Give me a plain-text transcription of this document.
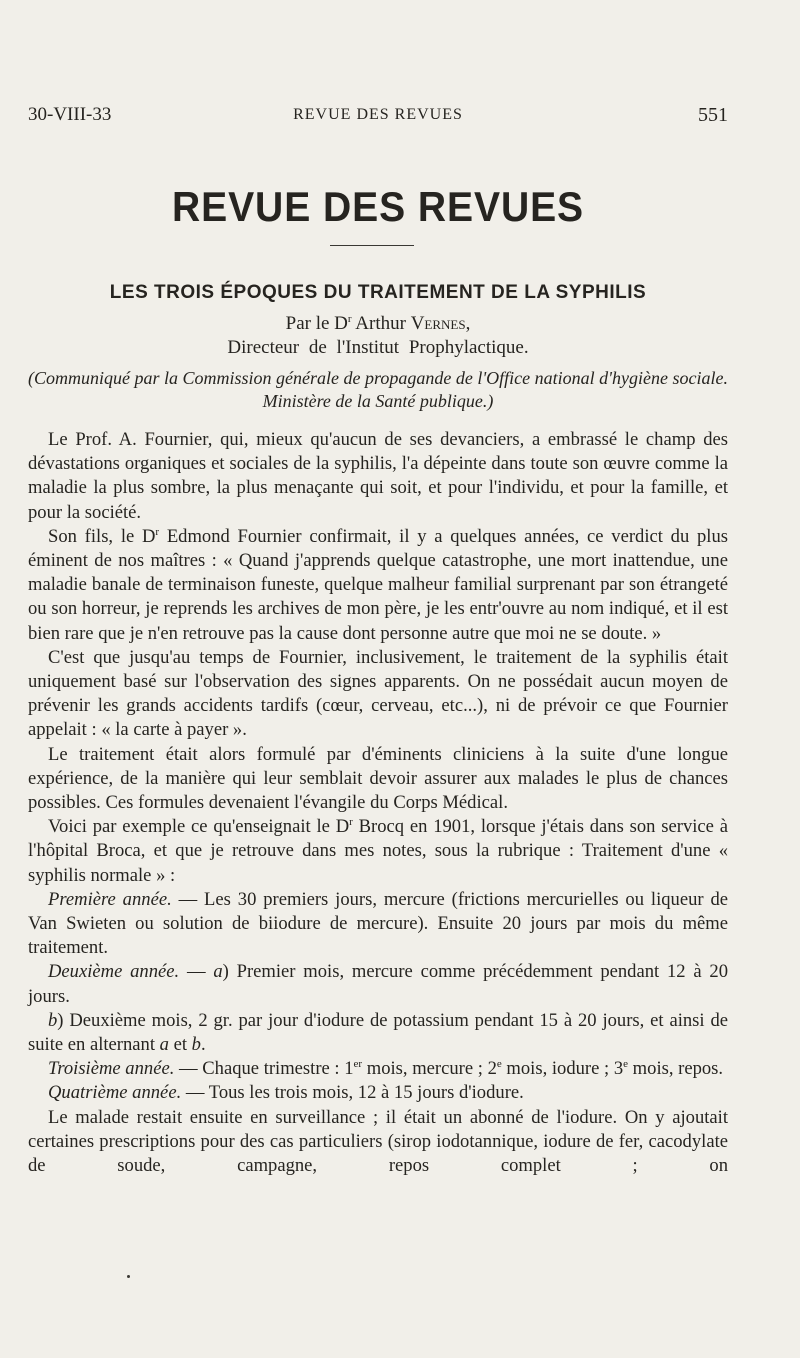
30-VIII-33	REVUE DES REVUES	551
REVUE DES REVUES
LES TROIS ÉPOQUES DU TRAITEMENT DE LA SYPHILIS
Par le $D^r$ Arthur Vernes,
Directeur de l'Institut Prophylactique.
(Communiqué par la Commission générale de propagande de l'Office national d'hygiène sociale. Ministère de la Santé publique.)

Le Prof. A. Fournier, qui, mieux qu'aucun de ses devanciers, a embrassé le champ des dévastations organiques et sociales de la syphilis, l'a dépeinte dans toute son œuvre comme la maladie la plus sombre, la plus menaçante qui soit, et pour l'individu, et pour la famille, et pour la société.

Son fils, le $D^r$ Edmond Fournier confirmait, il y a quelques années, ce verdict du plus éminent de nos maîtres : « Quand j'apprends quelque catastrophe, une mort inattendue, une maladie banale de terminaison funeste, quelque malheur familial surprenant par son étrangeté ou son horreur, je reprends les archives de mon père, je les entr'ouvre au nom indiqué, et il est bien rare que je n'en retrouve pas la cause dont personne autre que moi ne se doute. »

C'est que jusqu'au temps de Fournier, inclusivement, le traitement de la syphilis était uniquement basé sur l'observation des signes apparents. On ne possédait aucun moyen de prévenir les grands accidents tardifs (cœur, cerveau, etc...), ni de prévoir ce que Fournier appelait : « la carte à payer ».

Le traitement était alors formulé par d'éminents cliniciens à la suite d'une longue expérience, de la manière qui leur semblait devoir assurer aux malades le plus de chances possibles. Ces formules devenaient l'évangile du Corps Médical.

Voici par exemple ce qu'enseignait le $D^r$ Brocq en 1901, lorsque j'étais dans son service à l'hôpital Broca, et que je retrouve dans mes notes, sous la rubrique : Traitement d'une « syphilis normale » :

Première année. — Les 30 premiers jours, mercure (frictions mercurielles ou liqueur de Van Swieten ou solution de biiodure de mercure). Ensuite 20 jours par mois du même traitement.

Deuxième année. — a) Premier mois, mercure comme précédemment pendant 12 à 20 jours.

b) Deuxième mois, 2 gr. par jour d'iodure de potassium pendant 15 à 20 jours, et ainsi de suite en alternant a et b.

Troisième année. — Chaque trimestre : 1er mois, mercure ; 2e mois, iodure ; 3e mois, repos.

Quatrième année. — Tous les trois mois, 12 à 15 jours d'iodure.

Le malade restait ensuite en surveillance ; il était un abonné de l'iodure. On y ajoutait certaines prescriptions pour des cas particuliers (sirop iodotannique, iodure de fer, cacodylate de soude, campagne, repos complet ; on
